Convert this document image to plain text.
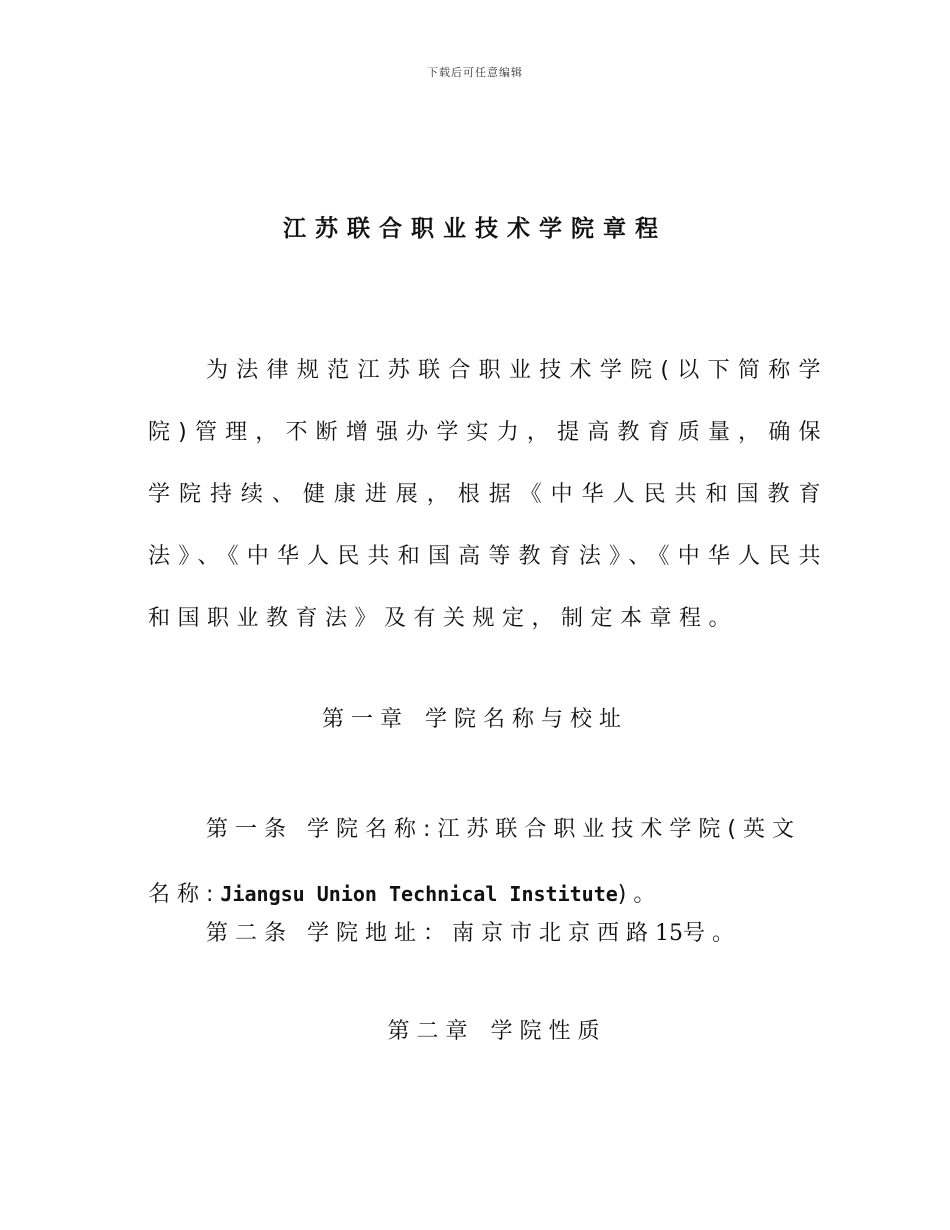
下载后可任意编辑
江苏联合职业技术学院章程

为法律规范江苏联合职业技术学院(以下简称学院)管理，不断增强办学实力，提高教育质量，确保学院持续、健康进展，根据《中华人民共和国教育法》、《中华人民共和国高等教育法》、《中华人民共和国职业教育法》及有关规定，制定本章程。

第一章 学院名称与校址

第一条 学院名称:江苏联合职业技术学院(英文名称:Jiangsu Union Technical Institute)。

第二条 学院地址：南京市北京西路15号。

第二章 学院性质
